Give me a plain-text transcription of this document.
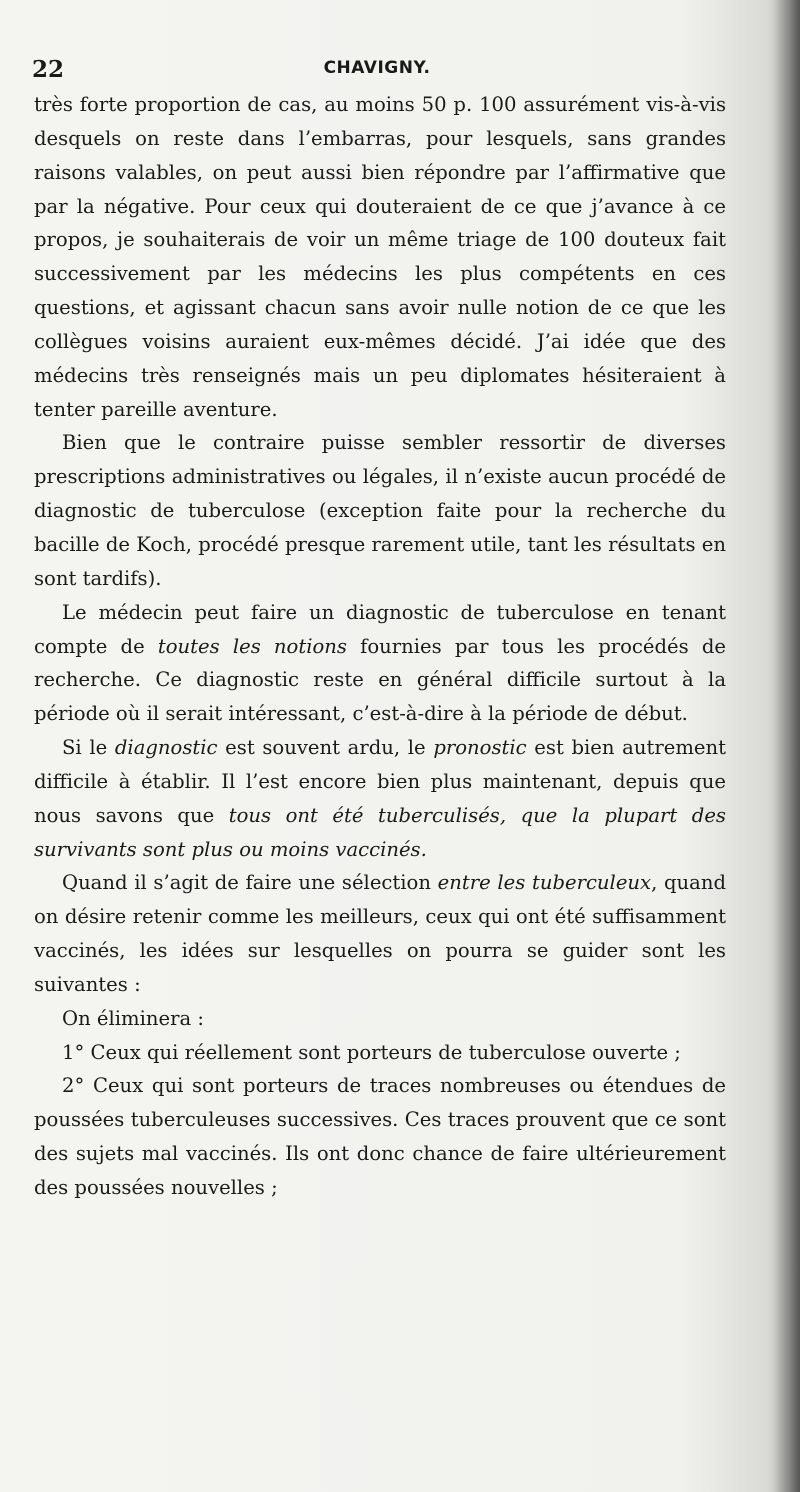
22	CHAVIGNY.

très forte proportion de cas, au moins 50 p. 100 assurément vis-à-vis desquels on reste dans l’embarras, pour lesquels, sans grandes raisons valables, on peut aussi bien répondre par l’affirmative que par la négative. Pour ceux qui douteraient de ce que j’avance à ce propos, je souhaiterais de voir un même triage de 100 douteux fait successivement par les médecins les plus compétents en ces questions, et agissant chacun sans avoir nulle notion de ce que les collègues voisins auraient eux-mêmes décidé. J’ai idée que des médecins très renseignés mais un peu diplomates hésiteraient à tenter pareille aventure.

Bien que le contraire puisse sembler ressortir de diverses prescriptions administratives ou légales, il n’existe aucun procédé de diagnostic de tuberculose (exception faite pour la recherche du bacille de Koch, procédé presque rarement utile, tant les résultats en sont tardifs).

Le médecin peut faire un diagnostic de tuberculose en tenant compte de toutes les notions fournies par tous les procédés de recherche. Ce diagnostic reste en général difficile surtout à la période où il serait intéressant, c’est-à-dire à la période de début.

Si le diagnostic est souvent ardu, le pronostic est bien autrement difficile à établir. Il l’est encore bien plus maintenant, depuis que nous savons que tous ont été tuberculisés, que la plupart des survivants sont plus ou moins vaccinés.

Quand il s’agit de faire une sélection entre les tuberculeux, quand on désire retenir comme les meilleurs, ceux qui ont été suffisamment vaccinés, les idées sur lesquelles on pourra se guider sont les suivantes :

On éliminera :

1° Ceux qui réellement sont porteurs de tuberculose ouverte ;

2° Ceux qui sont porteurs de traces nombreuses ou étendues de poussées tuberculeuses successives. Ces traces prouvent que ce sont des sujets mal vaccinés. Ils ont donc chance de faire ultérieurement des poussées nouvelles ;
